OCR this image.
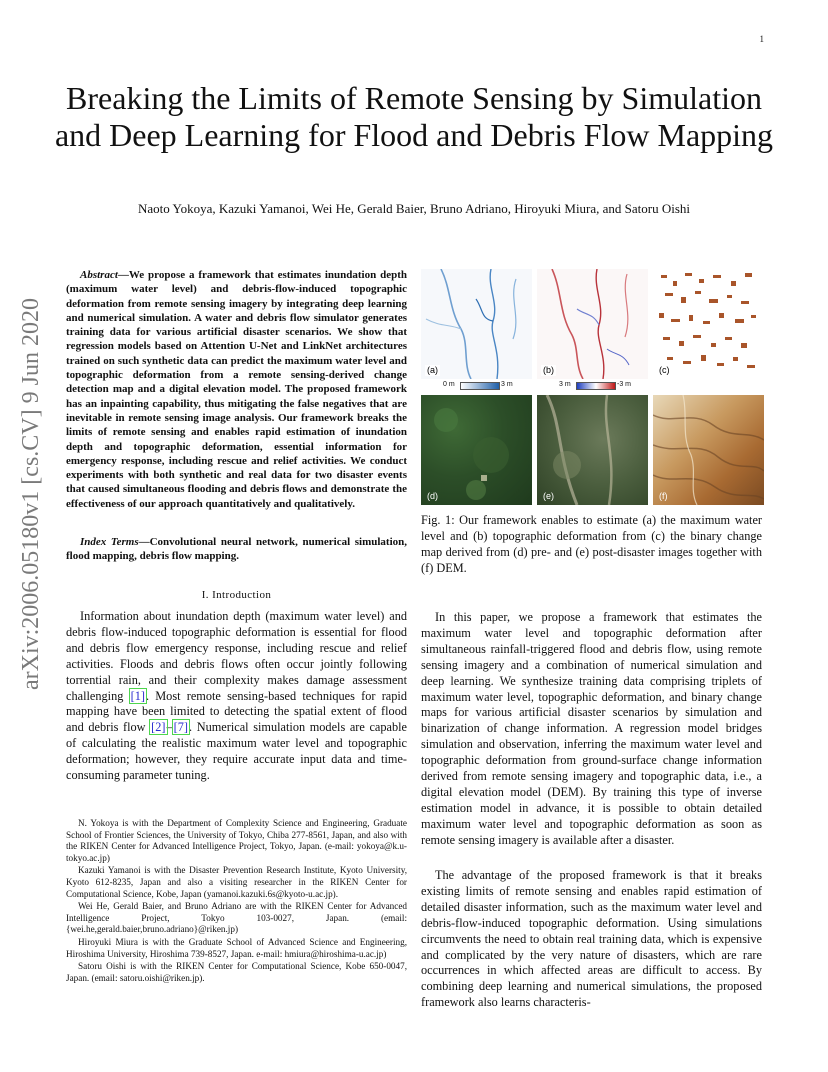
1
Breaking the Limits of Remote Sensing by Simulation and Deep Learning for Flood and Debris Flow Mapping
Naoto Yokoya, Kazuki Yamanoi, Wei He, Gerald Baier, Bruno Adriano, Hiroyuki Miura, and Satoru Oishi
arXiv:2006.05180v1 [cs.CV] 9 Jun 2020
Abstract—We propose a framework that estimates inundation depth (maximum water level) and debris-flow-induced topographic deformation from remote sensing imagery by integrating deep learning and numerical simulation. A water and debris flow simulator generates training data for various artificial disaster scenarios. We show that regression models based on Attention U-Net and LinkNet architectures trained on such synthetic data can predict the maximum water level and topographic deformation from a remote sensing-derived change detection map and a digital elevation model. The proposed framework has an inpainting capability, thus mitigating the false negatives that are inevitable in remote sensing image analysis. Our framework breaks the limits of remote sensing and enables rapid estimation of inundation depth and topographic deformation, essential information for emergency response, including rescue and relief activities. We conduct experiments with both synthetic and real data for two disaster events that caused simultaneous flooding and debris flows and demonstrate the effectiveness of our approach quantitatively and qualitatively.
Index Terms—Convolutional neural network, numerical simulation, flood mapping, debris flow mapping.
I. Introduction
Information about inundation depth (maximum water level) and debris flow-induced topographic deformation is essential for flood and debris flow emergency response, including rescue and relief activities. Floods and debris flows often occur jointly following torrential rain, and their complexity makes damage assessment challenging [1]. Most remote sensing-based techniques for rapid mapping have been limited to detecting the spatial extent of flood and debris flow [2]–[7]. Numerical simulation models are capable of calculating the realistic maximum water level and topographic deformation; however, they require accurate input data and time-consuming parameter tuning.

N. Yokoya is with the Department of Complexity Science and Engineering, Graduate School of Frontier Sciences, the University of Tokyo, Chiba 277-8561, Japan, and also with the RIKEN Center for Advanced Intelligence Project, Tokyo, Japan. (e-mail: yokoya@k.u-tokyo.ac.jp)

Kazuki Yamanoi is with the Disaster Prevention Research Institute, Kyoto University, Kyoto 612-8235, Japan and also a visiting researcher in the RIKEN Center for Computational Science, Kobe, Japan (yamanoi.kazuki.6s@kyoto-u.ac.jp).

Wei He, Gerald Baier, and Bruno Adriano are with the RIKEN Center for Advanced Intelligence Project, Tokyo 103-0027, Japan. (email: {wei.he,gerald.baier,bruno.adriano}@riken.jp)

Hiroyuki Miura is with the Graduate School of Advanced Science and Engineering, Hiroshima University, Hiroshima 739-8527, Japan. e-mail: hmiura@hiroshima-u.ac.jp)

Satoru Oishi is with the RIKEN Center for Computational Science, Kobe 650-0047, Japan. (email: satoru.oishi@riken.jp).

(a)
0 m	3 m
(b)
3 m	-3 m
(c)
(d)	(e)	(f)
Fig. 1: Our framework enables to estimate (a) the maximum water level and (b) topographic deformation from (c) the binary change map derived from (d) pre- and (e) post-disaster images together with (f) DEM.
In this paper, we propose a framework that estimates the maximum water level and topographic deformation after simultaneous rainfall-triggered flood and debris flow, using remote sensing imagery and a combination of numerical simulation and deep learning. We synthesize training data comprising triplets of maximum water level, topographic deformation, and binary change maps for various artificial disaster scenarios by simulation and binarization of change information. A regression model bridges simulation and observation, inferring the maximum water level and topographic deformation from ground-surface change information derived from remote sensing imagery and topographic data, i.e., a digital elevation model (DEM). By training this type of inverse estimation model in advance, it is possible to obtain detailed maximum water level and topographic deformation as soon as remote sensing imagery is available after a disaster.
The advantage of the proposed framework is that it breaks existing limits of remote sensing and enables rapid estimation of detailed disaster information, such as the maximum water level and debris-flow-induced topographic deformation. Using simulations circumvents the need to obtain real training data, which is expensive and complicated by the very nature of disasters, which are rare occurrences in which affected areas are difficult to access. By combining deep learning and numerical simulations, the proposed framework also learns characteris-
